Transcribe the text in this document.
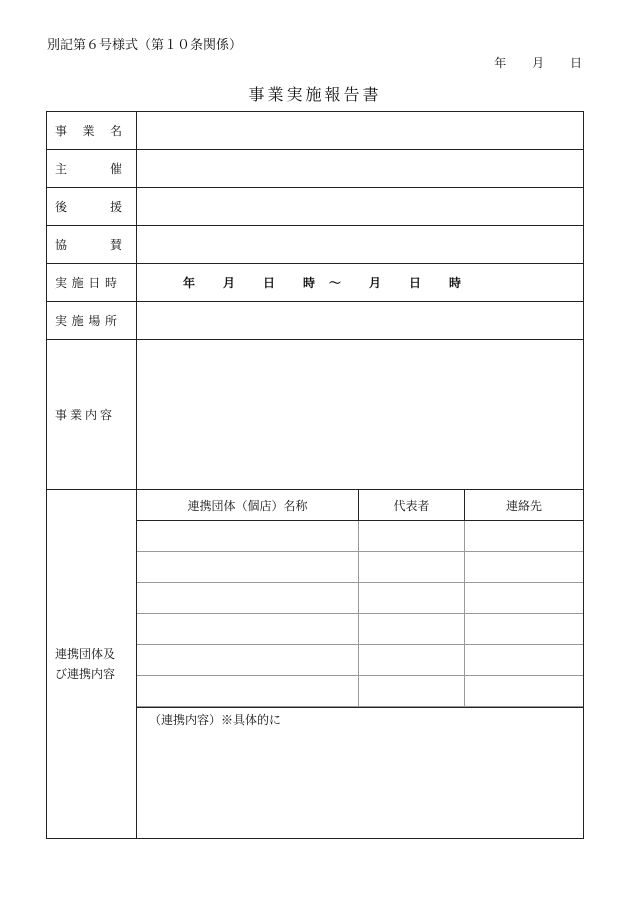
別記第６号様式（第１０条関係）
年 月 日
事業実施報告書
事 業 名

主	催

後	援

協	賛

実 施 日 時	年	月	日	時	〜	月	日	時

実 施 場 所

事業内容	

連携団体及
び連携内容

連携団体（個店）名称	代表者	連絡先

（連携内容）※具体的に
